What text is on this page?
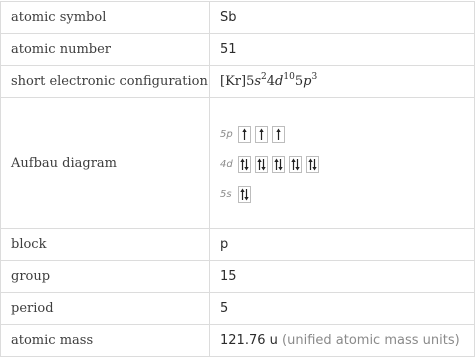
atomic symbol	Sb
atomic number	51
short electronic configuration	$[Kr]5s^24d^{10}5p^3$
Aufbau diagram	5p
4d
5s

block	p
group	15
period	5
atomic mass	121.76 u (unified atomic mass units)
